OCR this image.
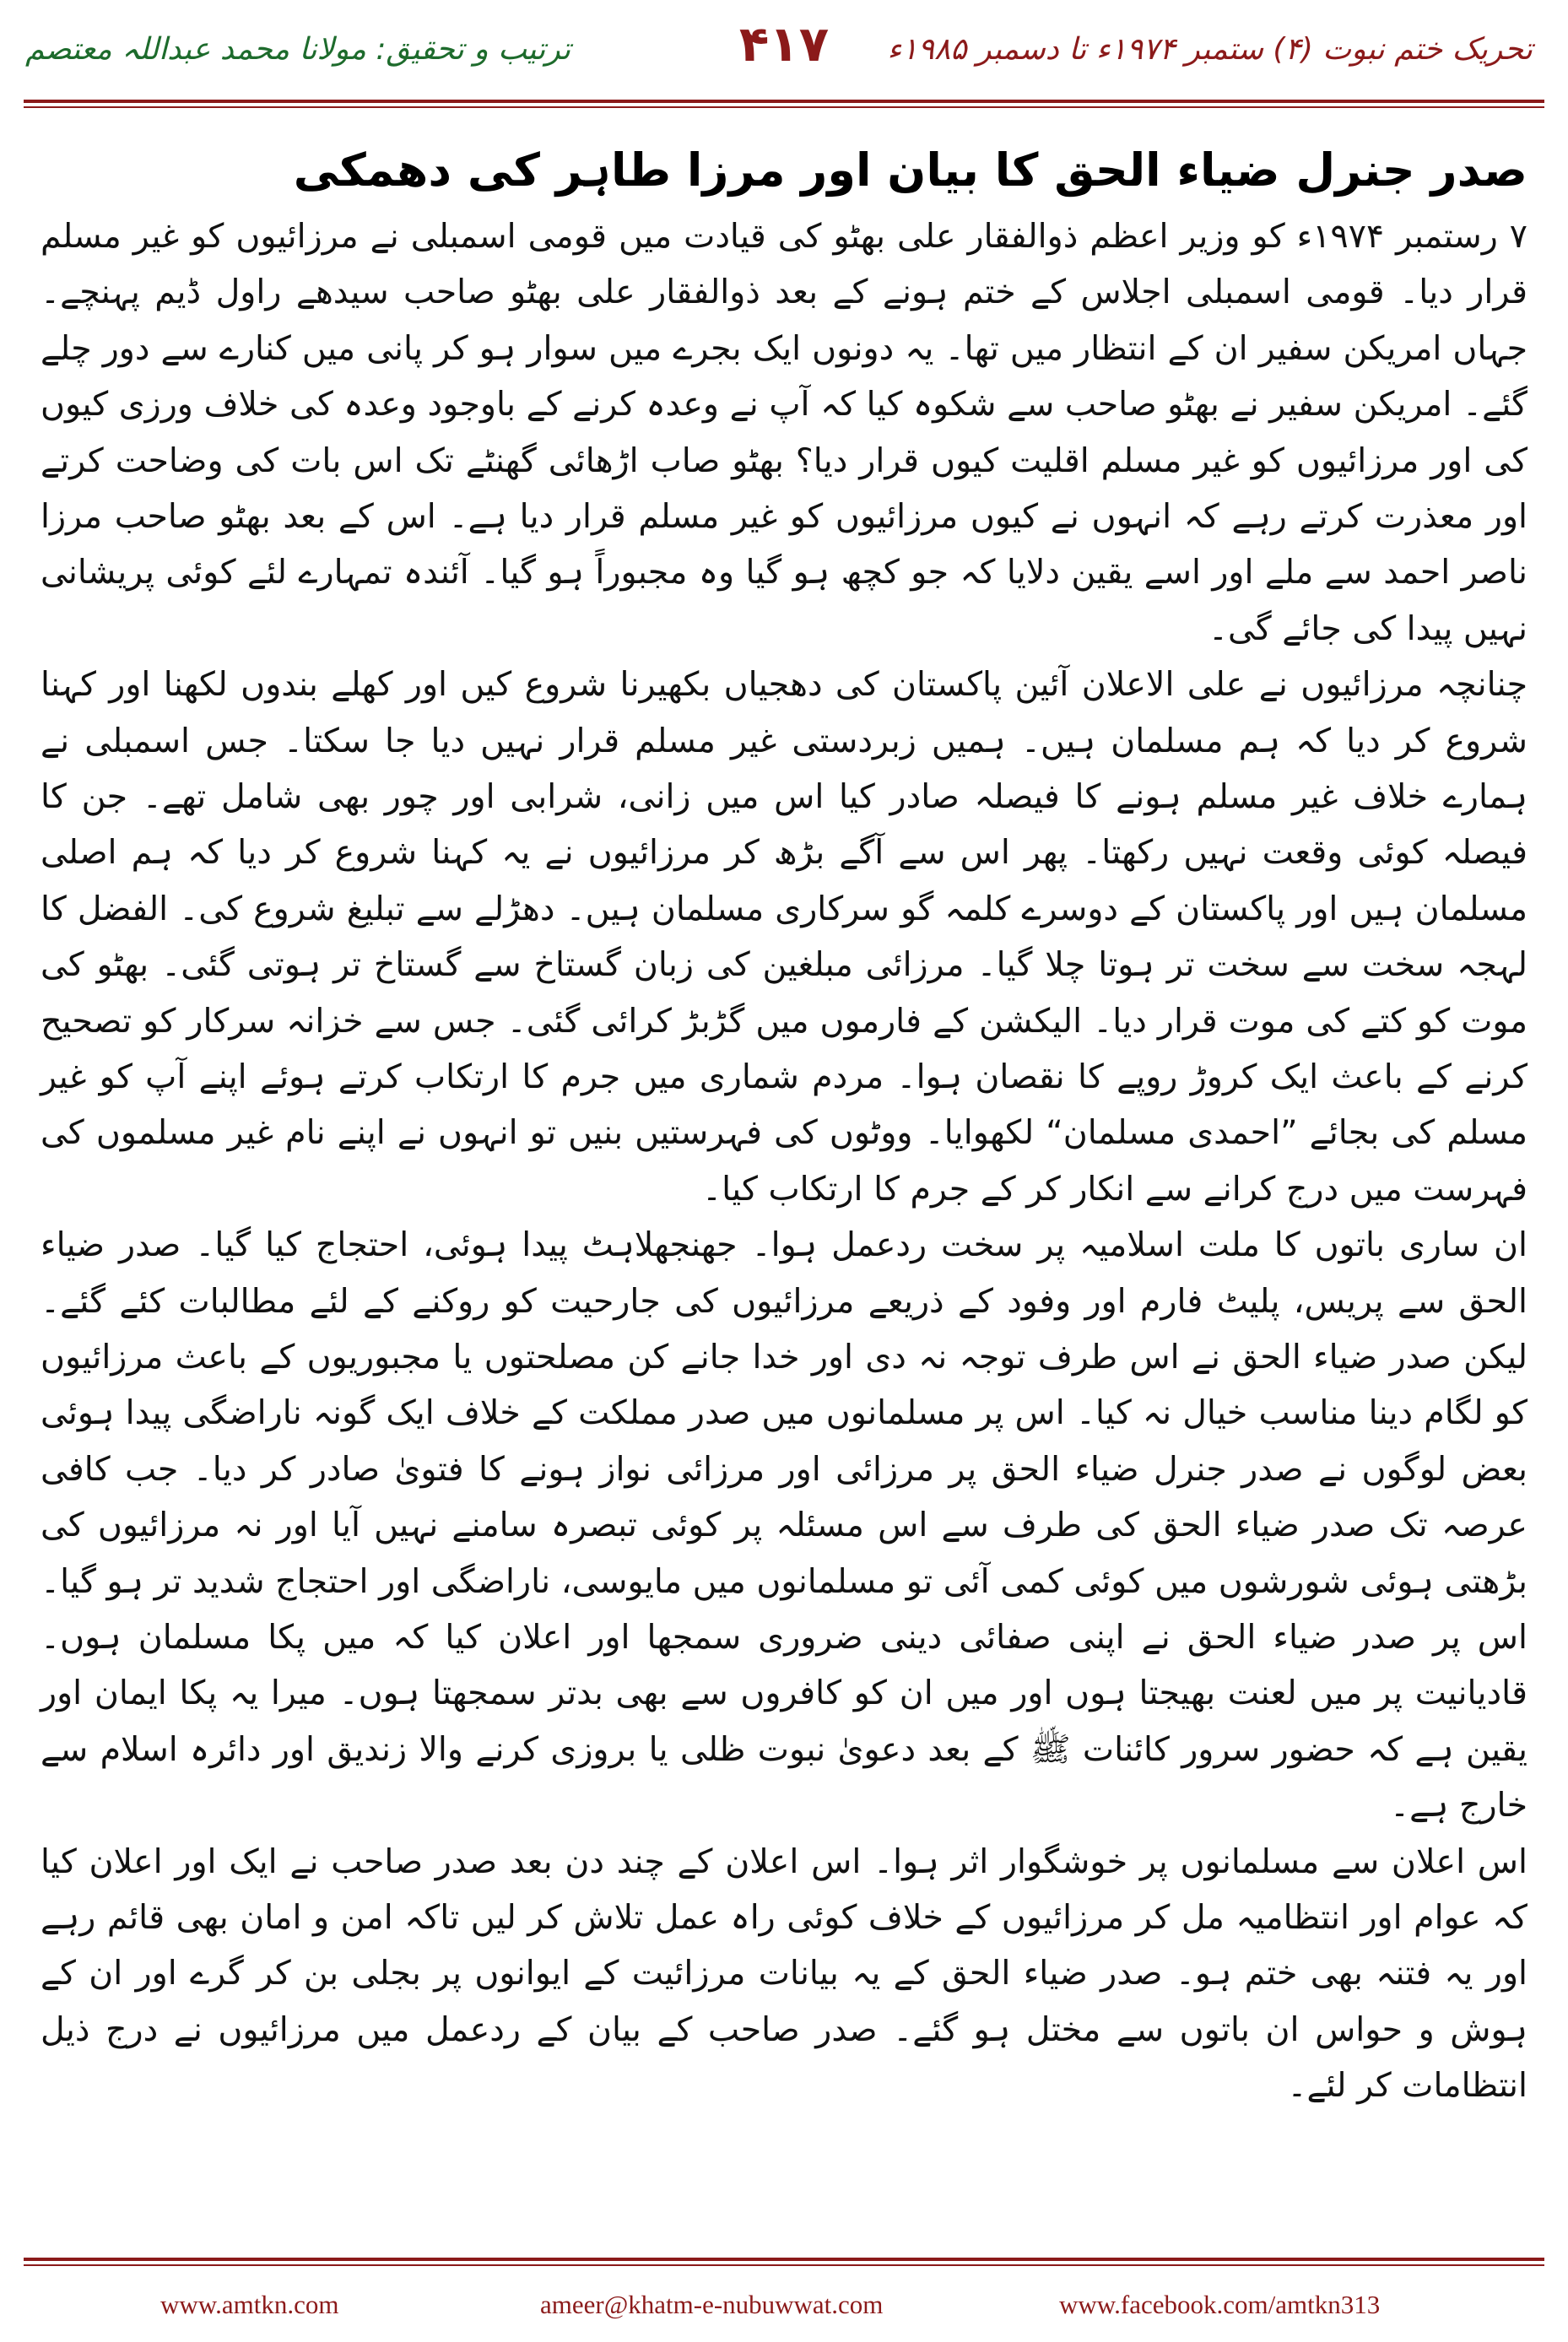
تحریک ختم نبوت (۴) ستمبر ۱۹۷۴ء تا دسمبر ۱۹۸۵ء
۴۱۷
ترتیب و تحقیق: مولانا محمد عبداللہ معتصم
صدر جنرل ضیاء الحق کا بیان اور مرزا طاہر کی دھمکی

۷ رستمبر ۱۹۷۴ء کو وزیر اعظم ذوالفقار علی بھٹو کی قیادت میں قومی اسمبلی نے مرزائیوں کو غیر مسلم قرار دیا۔ قومی اسمبلی اجلاس کے ختم ہونے کے بعد ذوالفقار علی بھٹو صاحب سیدھے راول ڈیم پہنچے۔ جہاں امریکن سفیر ان کے انتظار میں تھا۔ یہ دونوں ایک بجرے میں سوار ہو کر پانی میں کنارے سے دور چلے گئے۔ امریکن سفیر نے بھٹو صاحب سے شکوہ کیا کہ آپ نے وعدہ کرنے کے باوجود وعدہ کی خلاف ورزی کیوں کی اور مرزائیوں کو غیر مسلم اقلیت کیوں قرار دیا؟ بھٹو صاب اڑھائی گھنٹے تک اس بات کی وضاحت کرتے اور معذرت کرتے رہے کہ انہوں نے کیوں مرزائیوں کو غیر مسلم قرار دیا ہے۔ اس کے بعد بھٹو صاحب مرزا ناصر احمد سے ملے اور اسے یقین دلایا کہ جو کچھ ہو گیا وہ مجبوراً ہو گیا۔ آئندہ تمہارے لئے کوئی پریشانی نہیں پیدا کی جائے گی۔

چنانچہ مرزائیوں نے علی الاعلان آئین پاکستان کی دھجیاں بکھیرنا شروع کیں اور کھلے بندوں لکھنا اور کہنا شروع کر دیا کہ ہم مسلمان ہیں۔ ہمیں زبردستی غیر مسلم قرار نہیں دیا جا سکتا۔ جس اسمبلی نے ہمارے خلاف غیر مسلم ہونے کا فیصلہ صادر کیا اس میں زانی، شرابی اور چور بھی شامل تھے۔ جن کا فیصلہ کوئی وقعت نہیں رکھتا۔ پھر اس سے آگے بڑھ کر مرزائیوں نے یہ کہنا شروع کر دیا کہ ہم اصلی مسلمان ہیں اور پاکستان کے دوسرے کلمہ گو سرکاری مسلمان ہیں۔ دھڑلے سے تبلیغ شروع کی۔ الفضل کا لہجہ سخت سے سخت تر ہوتا چلا گیا۔ مرزائی مبلغین کی زبان گستاخ سے گستاخ تر ہوتی گئی۔ بھٹو کی موت کو کتے کی موت قرار دیا۔ الیکشن کے فارموں میں گڑبڑ کرائی گئی۔ جس سے خزانہ سرکار کو تصحیح کرنے کے باعث ایک کروڑ روپے کا نقصان ہوا۔ مردم شماری میں جرم کا ارتکاب کرتے ہوئے اپنے آپ کو غیر مسلم کی بجائے ”احمدی مسلمان“ لکھوایا۔ ووٹوں کی فہرستیں بنیں تو انہوں نے اپنے نام غیر مسلموں کی فہرست میں درج کرانے سے انکار کر کے جرم کا ارتکاب کیا۔

ان ساری باتوں کا ملت اسلامیہ پر سخت ردعمل ہوا۔ جھنجھلاہٹ پیدا ہوئی، احتجاج کیا گیا۔ صدر ضیاء الحق سے پریس، پلیٹ فارم اور وفود کے ذریعے مرزائیوں کی جارحیت کو روکنے کے لئے مطالبات کئے گئے۔ لیکن صدر ضیاء الحق نے اس طرف توجہ نہ دی اور خدا جانے کن مصلحتوں یا مجبوریوں کے باعث مرزائیوں کو لگام دینا مناسب خیال نہ کیا۔ اس پر مسلمانوں میں صدر مملکت کے خلاف ایک گونہ ناراضگی پیدا ہوئی بعض لوگوں نے صدر جنرل ضیاء الحق پر مرزائی اور مرزائی نواز ہونے کا فتویٰ صادر کر دیا۔ جب کافی عرصہ تک صدر ضیاء الحق کی طرف سے اس مسئلہ پر کوئی تبصرہ سامنے نہیں آیا اور نہ مرزائیوں کی بڑھتی ہوئی شورشوں میں کوئی کمی آئی تو مسلمانوں میں مایوسی، ناراضگی اور احتجاج شدید تر ہو گیا۔ اس پر صدر ضیاء الحق نے اپنی صفائی دینی ضروری سمجھا اور اعلان کیا کہ میں پکا مسلمان ہوں۔ قادیانیت پر میں لعنت بھیجتا ہوں اور میں ان کو کافروں سے بھی بدتر سمجھتا ہوں۔ میرا یہ پکا ایمان اور یقین ہے کہ حضور سرور کائنات ﷺ کے بعد دعویٰ نبوت ظلی یا بروزی کرنے والا زندیق اور دائرہ اسلام سے خارج ہے۔

اس اعلان سے مسلمانوں پر خوشگوار اثر ہوا۔ اس اعلان کے چند دن بعد صدر صاحب نے ایک اور اعلان کیا کہ عوام اور انتظامیہ مل کر مرزائیوں کے خلاف کوئی راہ عمل تلاش کر لیں تاکہ امن و امان بھی قائم رہے اور یہ فتنہ بھی ختم ہو۔ صدر ضیاء الحق کے یہ بیانات مرزائیت کے ایوانوں پر بجلی بن کر گرے اور ان کے ہوش و حواس ان باتوں سے مختل ہو گئے۔ صدر صاحب کے بیان کے ردعمل میں مرزائیوں نے درج ذیل انتظامات کر لئے۔

www.amtkn.com	ameer@khatm-e-nubuwwat.com	www.facebook.com/amtkn313
